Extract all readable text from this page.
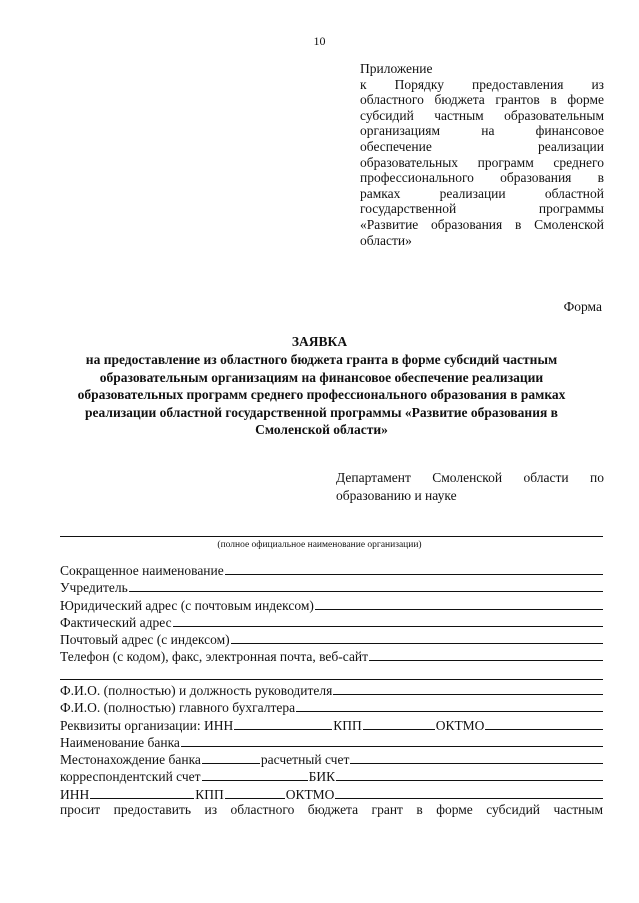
10
Приложение
к Порядку предоставления из
областного бюджета грантов в форме
субсидий частным образовательным
организациям на финансовое
обеспечение реализации
образовательных программ среднего
профессионального образования в
рамках реализации областной
государственной программы
«Развитие образования в Смоленской
области»
Форма
ЗАЯВКА
на предоставление из областного бюджета гранта в форме субсидий частным
образовательным организациям на финансовое обеспечение реализации
образовательных программ среднего профессионального образования в рамках
реализации областной государственной программы «Развитие образования в
Смоленской области»
Департамент Смоленской области по
образованию и науке
(полное официальное наименование организации)
Сокращенное наименование
Учредитель
Юридический адрес (с почтовым индексом)
Фактический адрес
Почтовый адрес (с индексом)
Телефон (с кодом), факс, электронная почта, веб-сайт
Ф.И.О. (полностью) и должность руководителя
Ф.И.О. (полностью) главного бухгалтера
Реквизиты организации: ИНН	КПП	ОКТМО
Наименование банка
Местонахождение банка	расчетный счет
корреспондентский счет	БИК
ИНН	КПП	ОКТМО
просит предоставить из областного бюджета грант в форме субсидий частным
